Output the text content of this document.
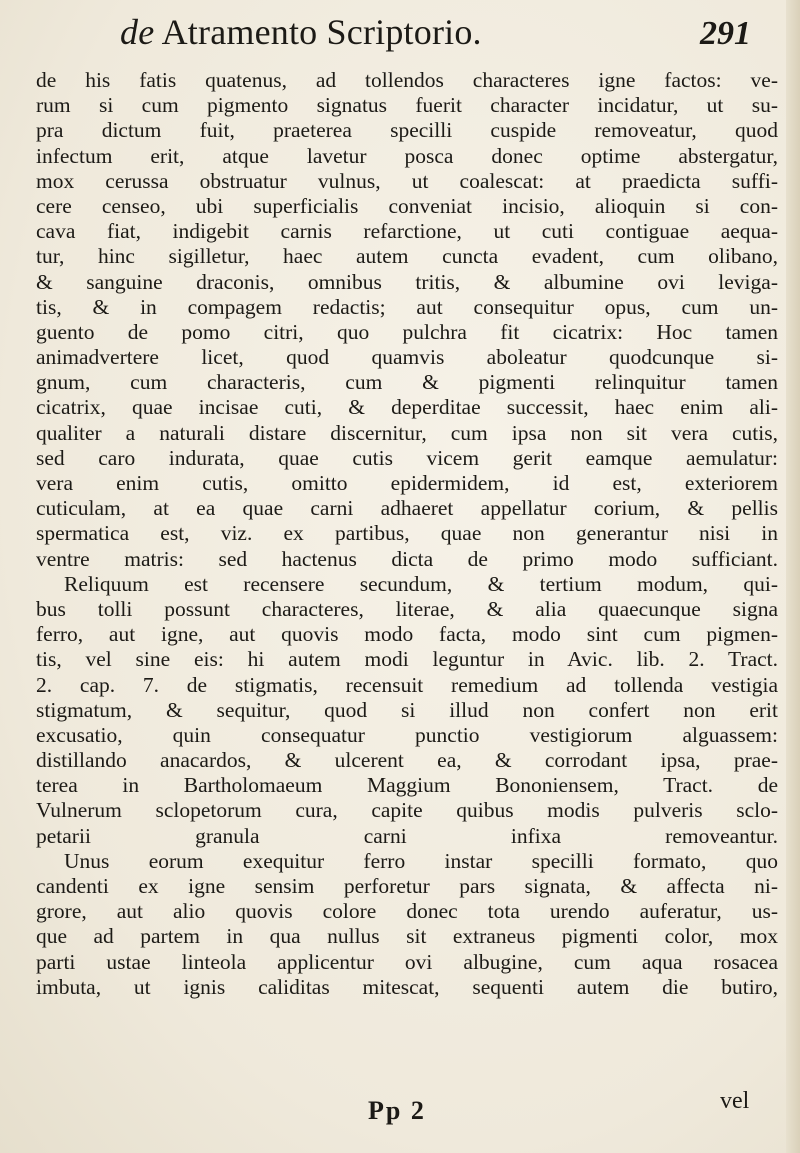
de Atramento Scriptorio.	291
de his fatis quatenus, ad tollendos characteres igne factos: ve-
rum si cum pigmento signatus fuerit character incidatur, ut su-
pra dictum fuit, praeterea specilli cuspide removeatur, quod
infectum erit, atque lavetur posca donec optime abstergatur,
mox cerussa obstruatur vulnus, ut coalescat: at praedicta suffi-
cere censeo, ubi superficialis conveniat incisio, alioquin si con-
cava fiat, indigebit carnis refarctione, ut cuti contiguae aequa-
tur, hinc sigilletur, haec autem cuncta evadent, cum olibano,
& sanguine draconis, omnibus tritis, & albumine ovi leviga-
tis, & in compagem redactis; aut consequitur opus, cum un-
guento de pomo citri, quo pulchra fit cicatrix: Hoc tamen
animadvertere licet, quod quamvis aboleatur quodcunque si-
gnum, cum characteris, cum & pigmenti relinquitur tamen
cicatrix, quae incisae cuti, & deperditae successit, haec enim ali-
qualiter a naturali distare discernitur, cum ipsa non sit vera cutis,
sed caro indurata, quae cutis vicem gerit eamque aemulatur:
vera enim cutis, omitto epidermidem, id est, exteriorem
cuticulam, at ea quae carni adhaeret appellatur corium, & pellis
spermatica est, viz. ex partibus, quae non generantur nisi in
ventre matris: sed hactenus dicta de primo modo sufficiant.
Reliquum est recensere secundum, & tertium modum, qui-
bus tolli possunt characteres, literae, & alia quaecunque signa
ferro, aut igne, aut quovis modo facta, modo sint cum pigmen-
tis, vel sine eis: hi autem modi leguntur in Avic. lib. 2. Tract.
2. cap. 7. de stigmatis, recensuit remedium ad tollenda vestigia
stigmatum, & sequitur, quod si illud non confert non erit
excusatio, quin consequatur punctio vestigiorum alguassem:
distillando anacardos, & ulcerent ea, & corrodant ipsa, prae-
terea in Bartholomaeum Maggium Bononiensem, Tract. de
Vulnerum sclopetorum cura, capite quibus modis pulveris sclo-
petarii granula carni infixa removeantur.
Unus eorum exequitur ferro instar specilli formato, quo
candenti ex igne sensim perforetur pars signata, & affecta ni-
grore, aut alio quovis colore donec tota urendo auferatur, us-
que ad partem in qua nullus sit extraneus pigmenti color, mox
parti ustae linteola applicentur ovi albugine, cum aqua rosacea
imbuta, ut ignis caliditas mitescat, sequenti autem die butiro,
Pp 2	vel
